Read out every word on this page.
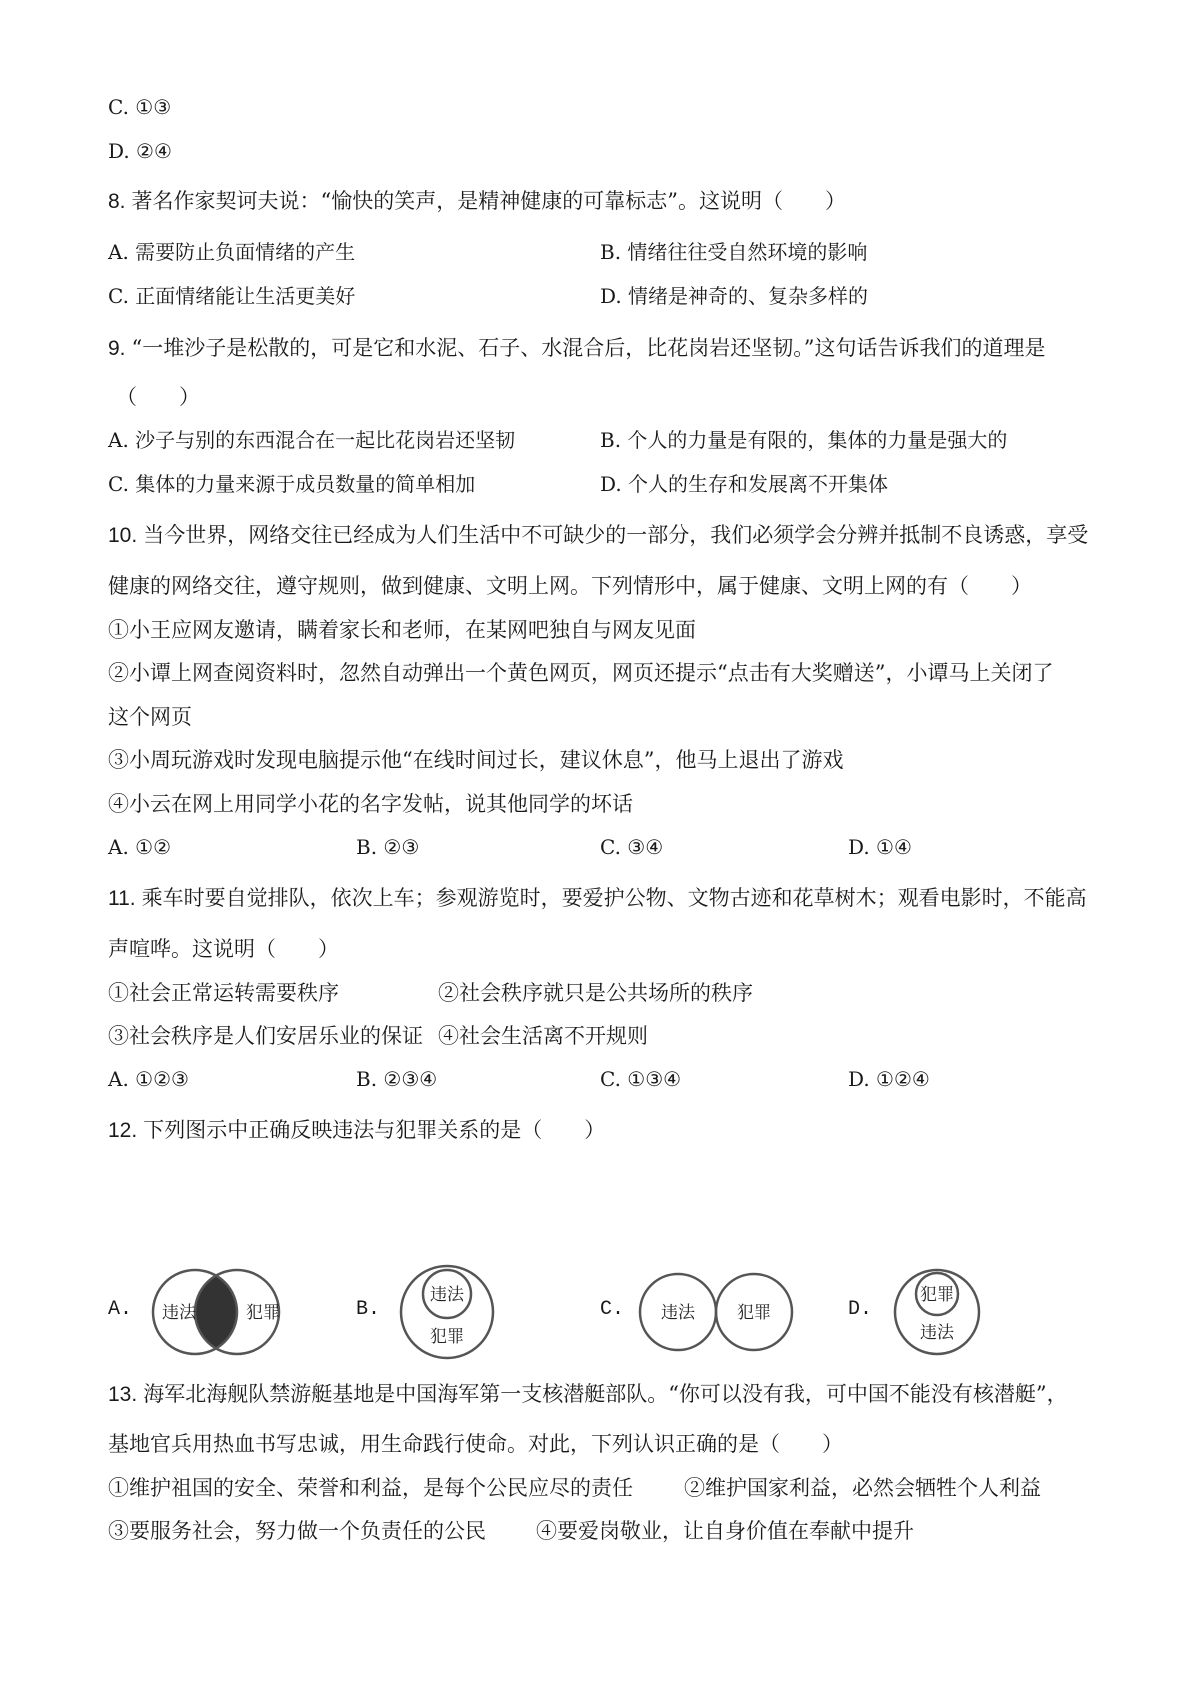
C. ①③
D. ②④
8. 著名作家契诃夫说：“愉快的笑声，是精神健康的可靠标志”。这说明（　　）
A. 需要防止负面情绪的产生	B. 情绪往往受自然环境的影响
C. 正面情绪能让生活更美好	D. 情绪是神奇的、复杂多样的
9. “一堆沙子是松散的，可是它和水泥、石子、水混合后，比花岗岩还坚韧。”这句话告诉我们的道理是
（　　）
A. 沙子与别的东西混合在一起比花岗岩还坚韧	B. 个人的力量是有限的，集体的力量是强大的
C. 集体的力量来源于成员数量的简单相加	D. 个人的生存和发展离不开集体
10. 当今世界，网络交往已经成为人们生活中不可缺少的一部分，我们必须学会分辨并抵制不良诱惑，享受
健康的网络交往，遵守规则，做到健康、文明上网。下列情形中，属于健康、文明上网的有（　　）
①小王应网友邀请，瞒着家长和老师，在某网吧独自与网友见面
②小谭上网查阅资料时，忽然自动弹出一个黄色网页，网页还提示“点击有大奖赠送”，小谭马上关闭了
这个网页
③小周玩游戏时发现电脑提示他“在线时间过长，建议休息”，他马上退出了游戏
④小云在网上用同学小花的名字发帖，说其他同学的坏话
A. ①②	B. ②③	C. ③④	D. ①④
11. 乘车时要自觉排队，依次上车；参观游览时，要爱护公物、文物古迹和花草树木；观看电影时，不能高
声喧哗。这说明（　　）
①社会正常运转需要秩序	②社会秩序就只是公共场所的秩序
③社会秩序是人们安居乐业的保证 ④社会生活离不开规则
A. ①②③	B. ②③④	C. ①③④	D. ①②④
12. 下列图示中正确反映违法与犯罪关系的是（　　）
A. 违法	犯罪	B.
违法
犯罪
C. 违法 犯罪	D.
犯罪
违法
13. 海军北海舰队禁游艇基地是中国海军第一支核潜艇部队。“你可以没有我，可中国不能没有核潜艇”，
基地官兵用热血书写忠诚，用生命践行使命。对此，下列认识正确的是（　　）
①维护祖国的安全、荣誉和利益，是每个公民应尽的责任 ②维护国家利益，必然会牺牲个人利益
③要服务社会，努力做一个负责任的公民 ④要爱岗敬业，让自身价值在奉献中提升
